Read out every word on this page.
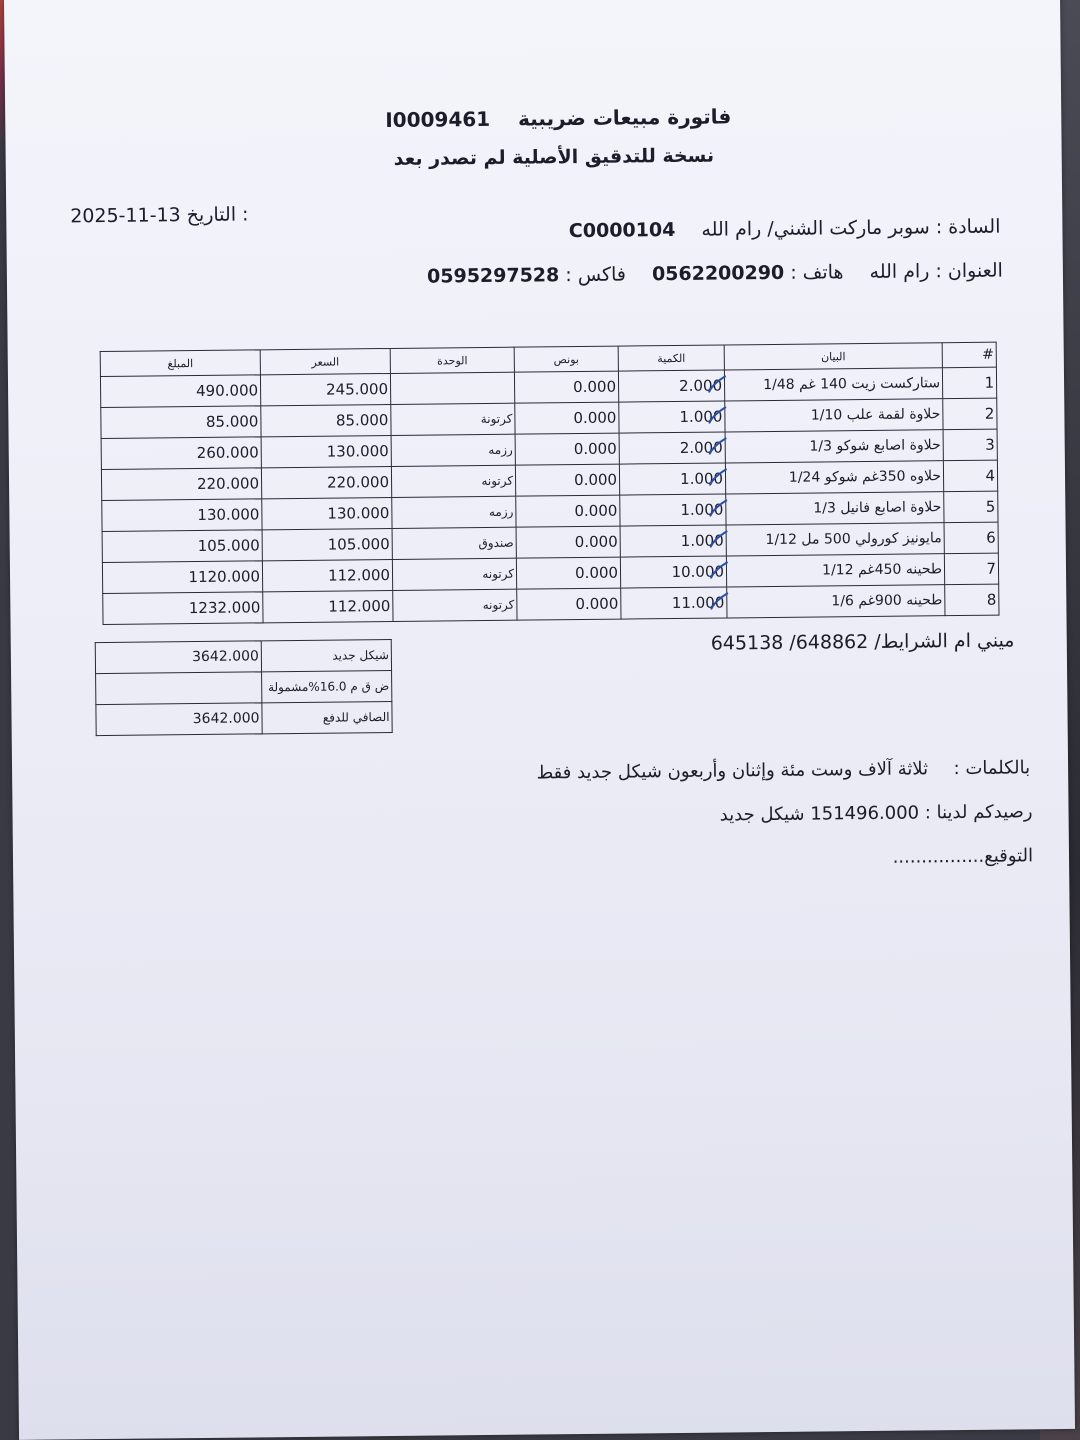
فاتورة مبيعات ضريبية  I0009461
نسخة للتدقيق الأصلية لم تصدر بعد
2025-11-13 التاريخ :
السادة : سوبر ماركت الشني/ رام الله  C0000104
العنوان : رام الله  هاتف : 0562200290  فاكس : 0595297528
المبلغ	السعر	الوحدة	بونص	الكمية	البيان	#
490.000	245.000		0.000	2.000	ستاركست زيت 140 غم 1/48	1
85.000	85.000	كرتونة	0.000	1.000	حلاوة لقمة علب 1/10	2
260.000	130.000	رزمه	0.000	2.000	حلاوة اصابع شوكو 1/3	3
220.000	220.000	كرتونه	0.000	1.000	حلاوه 350غم شوكو 1/24	4
130.000	130.000	رزمه	0.000	1.000	حلاوة اصابع فانيل 1/3	5
105.000	105.000	صندوق	0.000	1.000	مايونيز كورولي 500 مل 1/12	6
1120.000	112.000	كرتونه	0.000	10.000	طحينه 450غم 1/12	7
1232.000	112.000	كرتونه	0.000	11.000	طحينه 900غم 1/6	8
3642.000	شيكل جديد
	ض ق م 16.0%مشمولة
3642.000	الصافي للدفع
ميني ام الشرايط/ 648862/ 645138
بالكلمات :  ثلاثة آلاف وست مئة وإثنان وأربعون شيكل جديد فقط
رصيدكم لدينا : 151496.000 شيكل جديد
التوقيع................
